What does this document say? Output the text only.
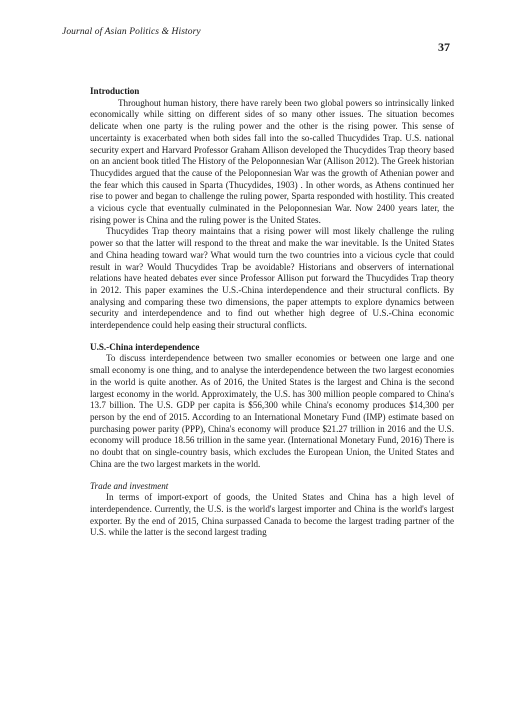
Journal of Asian Politics & History
37
Introduction

Throughout human history, there have rarely been two global powers so intrinsically linked economically while sitting on different sides of so many other issues. The situation becomes delicate when one party is the ruling power and the other is the rising power. This sense of uncertainty is exacerbated when both sides fall into the so-called Thucydides Trap. U.S. national security expert and Harvard Professor Graham Allison developed the Thucydides Trap theory based on an ancient book titled The History of the Peloponnesian War (Allison 2012). The Greek historian Thucydides argued that the cause of the Peloponnesian War was the growth of Athenian power and the fear which this caused in Sparta (Thucydides, 1903) . In other words, as Athens continued her rise to power and began to challenge the ruling power, Sparta responded with hostility. This created a vicious cycle that eventually culminated in the Peloponnesian War. Now 2400 years later, the rising power is China and the ruling power is the United States.

Thucydides Trap theory maintains that a rising power will most likely challenge the ruling power so that the latter will respond to the threat and make the war inevitable. Is the United States and China heading toward war? What would turn the two countries into a vicious cycle that could result in war? Would Thucydides Trap be avoidable? Historians and observers of international relations have heated debates ever since Professor Allison put forward the Thucydides Trap theory in 2012. This paper examines the U.S.-China interdependence and their structural conflicts. By analysing and comparing these two dimensions, the paper attempts to explore dynamics between security and interdependence and to find out whether high degree of U.S.-China economic interdependence could help easing their structural conflicts.

U.S.-China interdependence

To discuss interdependence between two smaller economies or between one large and one small economy is one thing, and to analyse the interdependence between the two largest economies in the world is quite another. As of 2016, the United States is the largest and China is the second largest economy in the world. Approximately, the U.S. has 300 million people compared to China's 13.7 billion. The U.S. GDP per capita is $56,300 while China's economy produces $14,300 per person by the end of 2015. According to an International Monetary Fund (IMP) estimate based on purchasing power parity (PPP), China's economy will produce $21.27 trillion in 2016 and the U.S. economy will produce 18.56 trillion in the same year. (International Monetary Fund, 2016) There is no doubt that on single-country basis, which excludes the European Union, the United States and China are the two largest markets in the world.

Trade and investment

In terms of import-export of goods, the United States and China has a high level of interdependence. Currently, the U.S. is the world's largest importer and China is the world's largest exporter. By the end of 2015, China surpassed Canada to become the largest trading partner of the U.S. while the latter is the second largest trading
